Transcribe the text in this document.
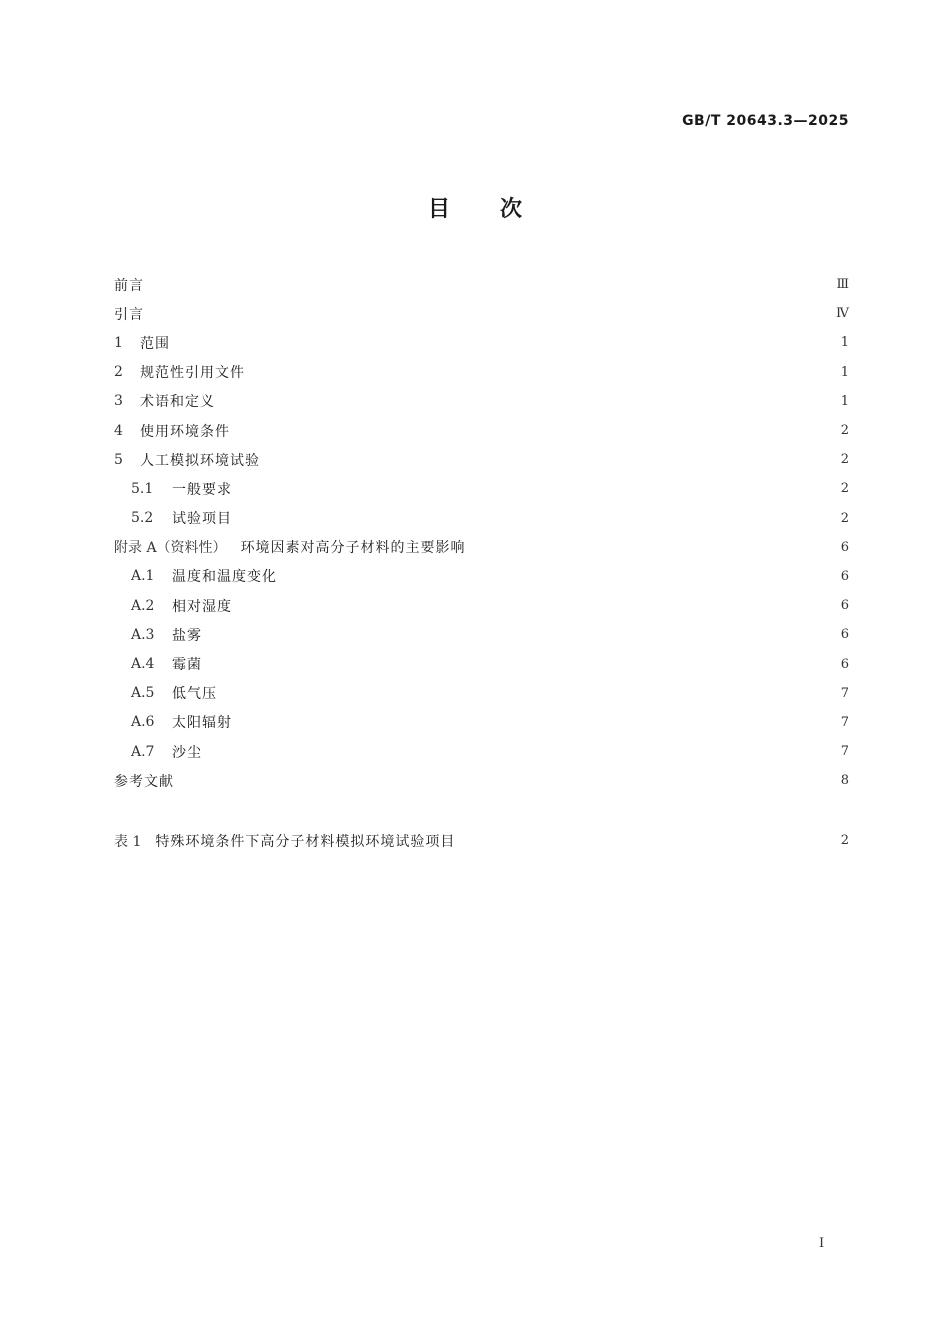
GB/T 20643.3—2025
目次
前言	Ⅲ
引言	Ⅳ
1	范围	1
2	规范性引用文件	1
3	术语和定义	1
4	使用环境条件	2
5	人工模拟环境试验	2
5.1	一般要求	2
5.2	试验项目	2
附录 A（资料性） 环境因素对高分子材料的主要影响	6
A.1	温度和温度变化	6
A.2	相对湿度	6
A.3	盐雾	6
A.4	霉菌	6
A.5	低气压	7
A.6	太阳辐射	7
A.7	沙尘	7
参考文献	8
表 1 特殊环境条件下高分子材料模拟环境试验项目	2
I
